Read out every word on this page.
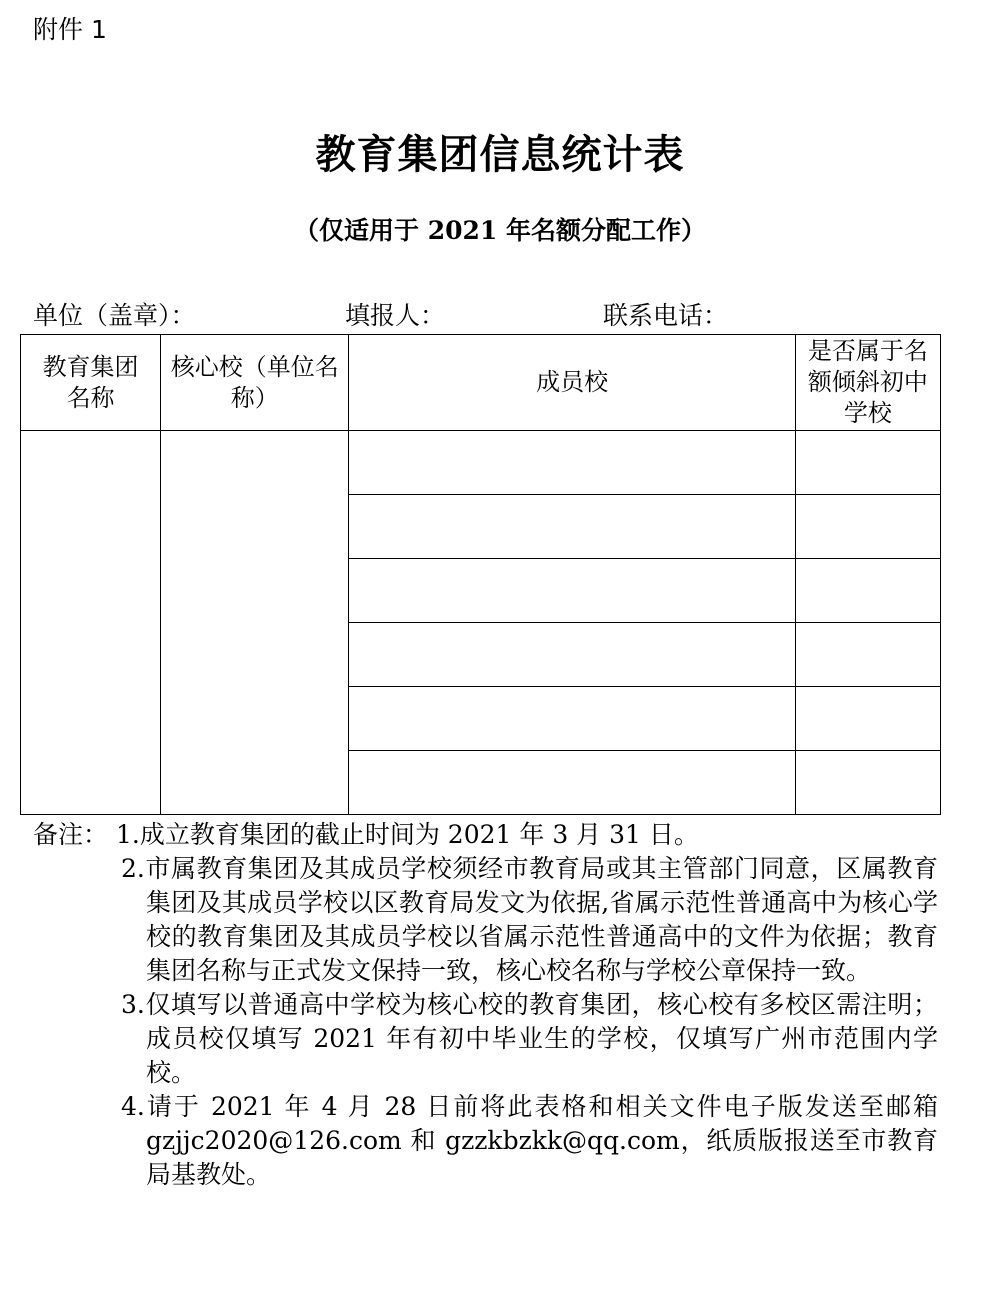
附件 1
教育集团信息统计表
（仅适用于 2021 年名额分配工作）
单位（盖章）：	填报人：	联系电话：
教育集团名称	核心校（单位名称）	成员校	是否属于名额倾斜初中学校

备注： 1.成立教育集团的截止时间为 2021 年 3 月 31 日。
2.市属教育集团及其成员学校须经市教育局或其主管部门同意，区属教育集团及其成员学校以区教育局发文为依据,省属示范性普通高中为核心学校的教育集团及其成员学校以省属示范性普通高中的文件为依据；教育集团名称与正式发文保持一致，核心校名称与学校公章保持一致。
3.仅填写以普通高中学校为核心校的教育集团，核心校有多校区需注明；成员校仅填写 2021 年有初中毕业生的学校，仅填写广州市范围内学校。
4.请于 2021 年 4 月 28 日前将此表格和相关文件电子版发送至邮箱 gzjjc2020@126.com 和 gzzkbzkk@qq.com，纸质版报送至市教育局基教处。
